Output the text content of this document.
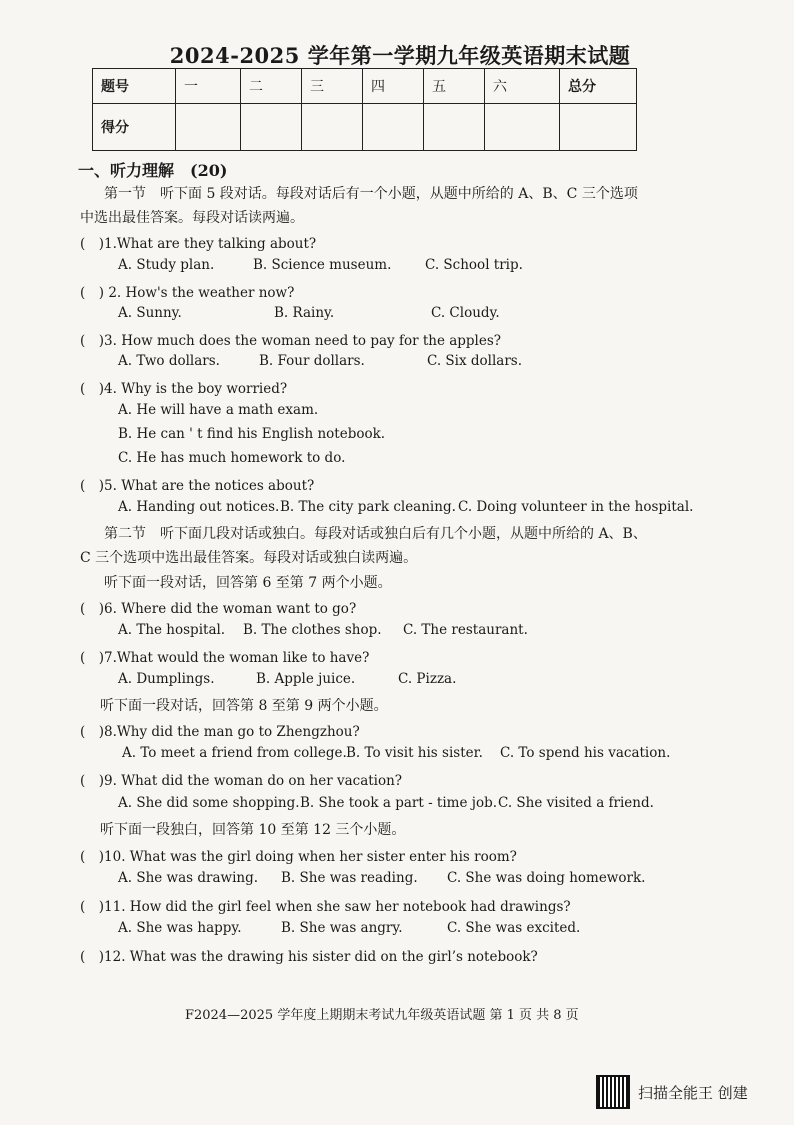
2024-2025 学年第一学期九年级英语期末试题
题号	一	二	三	四	五	六	总分
得分							
一、听力理解　(20)
第一节　听下面 5 段对话。每段对话后有一个小题，从题中所给的 A、B、C 三个选项
中选出最佳答案。每段对话读两遍。
(　)1.What are they talking about?
A. Study plan.	B. Science museum. C. School trip.
(　) 2. How's the weather now?
A. Sunny.	B. Rainy.	C. Cloudy.
(　)3. How much does the woman need to pay for the apples?
A. Two dollars.	B. Four dollars.	C. Six dollars.
(　)4. Why is the boy worried?
A. He will have a math exam.
B. He can ' t find his English notebook.
C. He has much homework to do.
(　)5. What are the notices about?
A. Handing out notices.B. The city park cleaning. C. Doing volunteer in the hospital.
第二节　听下面几段对话或独白。每段对话或独白后有几个小题，从题中所给的 A、B、
C 三个选项中选出最佳答案。每段对话或独白读两遍。
听下面一段对话，回答第 6 至第 7 两个小题。
(　)6. Where did the woman want to go?
A. The hospital. B. The clothes shop. C. The restaurant.
(　)7.What would the woman like to have?
A. Dumplings.	B. Apple juice.	C. Pizza.
听下面一段对话，回答第 8 至第 9 两个小题。
(　)8.Why did the man go to Zhengzhou?
A. To meet a friend from college.B. To visit his sister. C. To spend his vacation.
(　)9. What did the woman do on her vacation?
A. She did some shopping.B. She took a part - time job.C. She visited a friend.
听下面一段独白，回答第 10 至第 12 三个小题。
(　)10. What was the girl doing when her sister enter his room?
A. She was drawing. B. She was reading. C. She was doing homework.
(　)11. How did the girl feel when she saw her notebook had drawings?
A. She was happy.	B. She was angry.	C. She was excited.
(　)12. What was the drawing his sister did on the girl’s notebook?
F2024—2025 学年度上期期末考试九年级英语试题 第 1 页 共 8 页
扫描全能王 创建
